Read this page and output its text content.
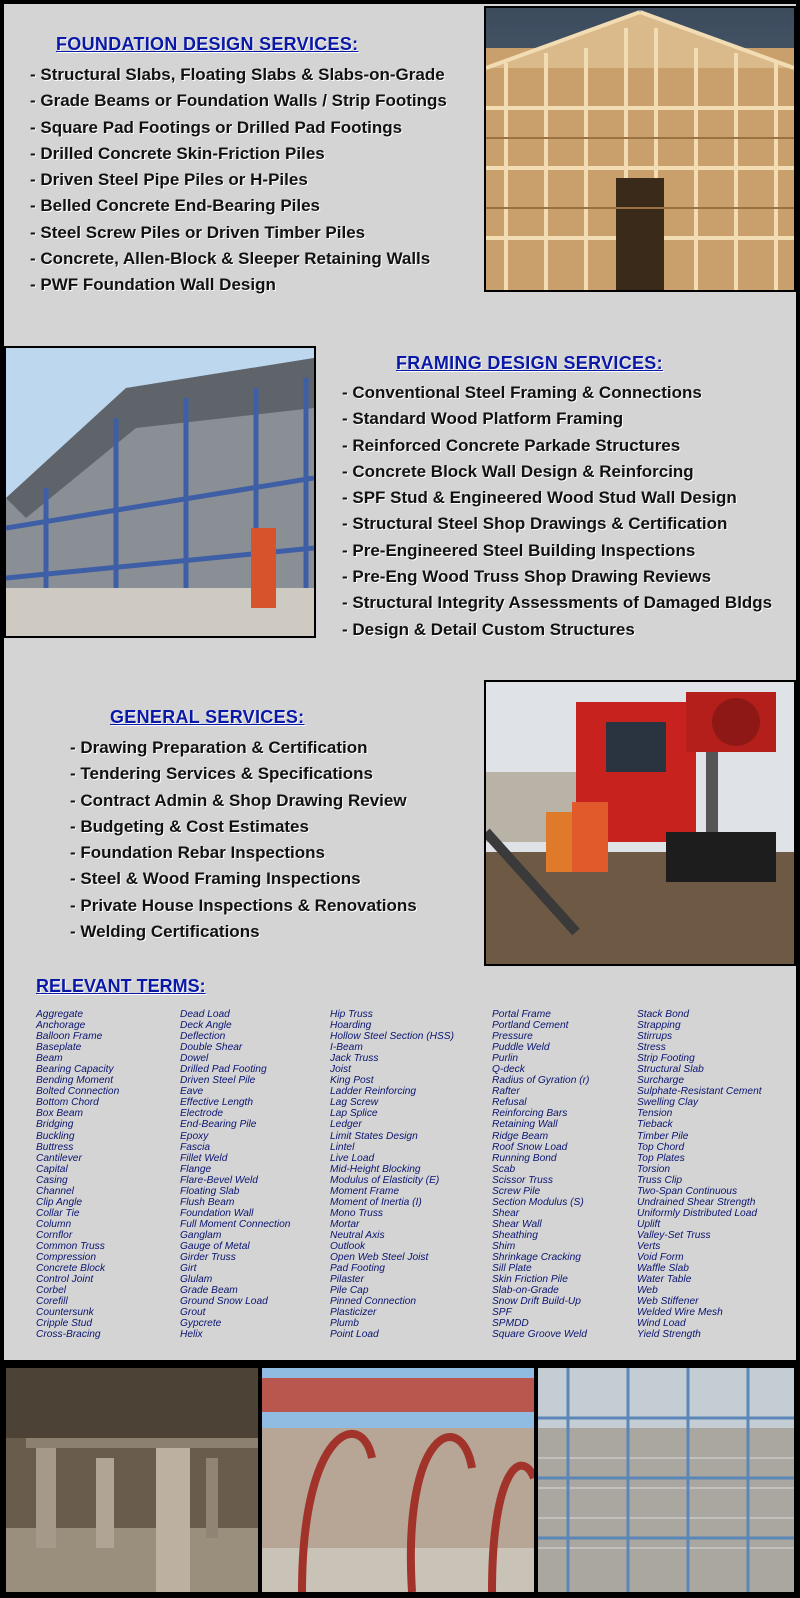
FOUNDATION DESIGN SERVICES:
- Structural Slabs, Floating Slabs & Slabs-on-Grade
- Grade Beams or Foundation Walls / Strip Footings
- Square Pad Footings or Drilled Pad Footings
- Drilled Concrete Skin-Friction Piles
- Driven Steel Pipe Piles or H-Piles
- Belled Concrete End-Bearing Piles
- Steel Screw Piles or Driven Timber Piles
- Concrete, Allen-Block & Sleeper Retaining Walls
- PWF Foundation Wall Design
FRAMING DESIGN SERVICES:
- Conventional Steel Framing & Connections
- Standard Wood Platform Framing
- Reinforced Concrete Parkade Structures
- Concrete Block Wall Design & Reinforcing
- SPF Stud & Engineered Wood Stud Wall Design
- Structural Steel Shop Drawings & Certification
- Pre-Engineered Steel Building Inspections
- Pre-Eng Wood Truss Shop Drawing Reviews
- Structural Integrity Assessments of Damaged Bldgs
- Design & Detail Custom Structures
GENERAL SERVICES:
- Drawing Preparation & Certification
- Tendering Services & Specifications
- Contract Admin & Shop Drawing Review
- Budgeting & Cost Estimates
- Foundation Rebar Inspections
- Steel & Wood Framing Inspections
- Private House Inspections & Renovations
- Welding Certifications
RELEVANT TERMS:
Aggregate
Anchorage
Balloon Frame
Baseplate
Beam
Bearing Capacity
Bending Moment
Bolted Connection
Bottom Chord
Box Beam
Bridging
Buckling
Buttress
Cantilever
Capital
Casing
Channel
Clip Angle
Collar Tie
Column
Cornflor
Common Truss
Compression
Concrete Block
Control Joint
Corbel
Corefill
Countersunk
Cripple Stud
Cross-Bracing
Dead Load
Deck Angle
Deflection
Double Shear
Dowel
Drilled Pad Footing
Driven Steel Pile
Eave
Effective Length
Electrode
End-Bearing Pile
Epoxy
Fascia
Fillet Weld
Flange
Flare-Bevel Weld
Floating Slab
Flush Beam
Foundation Wall
Full Moment Connection
Ganglam
Gauge of Metal
Girder Truss
Girt
Glulam
Grade Beam
Ground Snow Load
Grout
Gypcrete
Helix
Hip Truss
Hoarding
Hollow Steel Section (HSS)
I-Beam
Jack Truss
Joist
King Post
Ladder Reinforcing
Lag Screw
Lap Splice
Ledger
Limit States Design
Lintel
Live Load
Mid-Height Blocking
Modulus of Elasticity (E)
Moment Frame
Moment of Inertia (I)
Mono Truss
Mortar
Neutral Axis
Outlook
Open Web Steel Joist
Pad Footing
Pilaster
Pile Cap
Pinned Connection
Plasticizer
Plumb
Point Load
Portal Frame
Portland Cement
Pressure
Puddle Weld
Purlin
Q-deck
Radius of Gyration (r)
Rafter
Refusal
Reinforcing Bars
Retaining Wall
Ridge Beam
Roof Snow Load
Running Bond
Scab
Scissor Truss
Screw Pile
Section Modulus (S)
Shear
Shear Wall
Sheathing
Shim
Shrinkage Cracking
Sill Plate
Skin Friction Pile
Slab-on-Grade
Snow Drift Build-Up
SPF
SPMDD
Square Groove Weld
Stack Bond
Strapping
Stirrups
Stress
Strip Footing
Structural Slab
Surcharge
Sulphate-Resistant Cement
Swelling Clay
Tension
Tieback
Timber Pile
Top Chord
Top Plates
Torsion
Truss Clip
Two-Span Continuous
Undrained Shear Strength
Uniformly Distributed Load
Uplift
Valley-Set Truss
Verts
Void Form
Waffle Slab
Water Table
Web
Web Stiffener
Welded Wire Mesh
Wind Load
Yield Strength
